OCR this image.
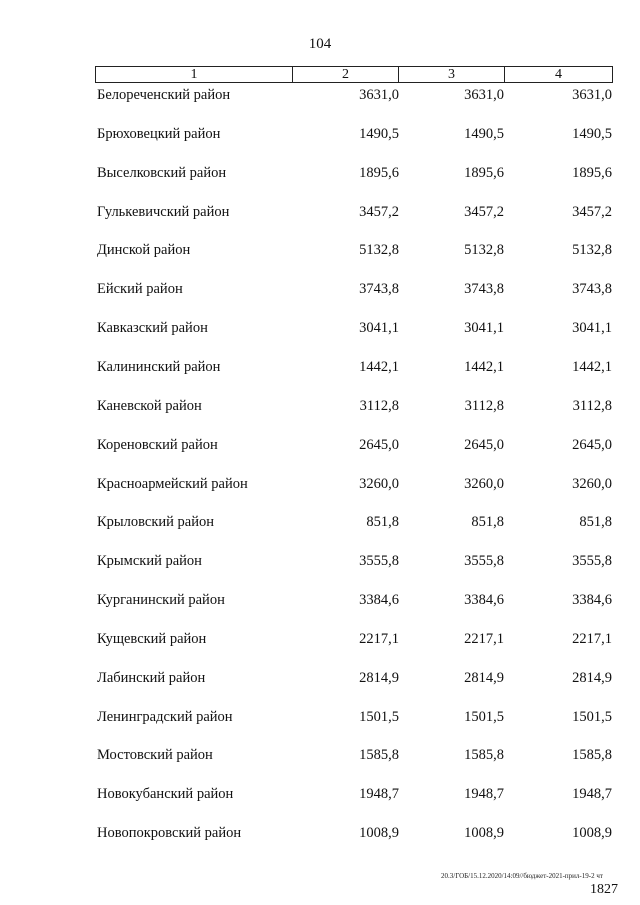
104
1	2	3	4
Белореченский район	3631,0	3631,0	3631,0
Брюховецкий район	1490,5	1490,5	1490,5
Выселковский район	1895,6	1895,6	1895,6
Гулькевичский район	3457,2	3457,2	3457,2
Динской район	5132,8	5132,8	5132,8
Ейский район	3743,8	3743,8	3743,8
Кавказский район	3041,1	3041,1	3041,1
Калининский район	1442,1	1442,1	1442,1
Каневской район	3112,8	3112,8	3112,8
Кореновский район	2645,0	2645,0	2645,0
Красноармейский район	3260,0	3260,0	3260,0
Крыловский район	851,8	851,8	851,8
Крымский район	3555,8	3555,8	3555,8
Курганинский район	3384,6	3384,6	3384,6
Кущевский район	2217,1	2217,1	2217,1
Лабинский район	2814,9	2814,9	2814,9
Ленинградский район	1501,5	1501,5	1501,5
Мостовский район	1585,8	1585,8	1585,8
Новокубанский район	1948,7	1948,7	1948,7
Новопокровский район	1008,9	1008,9	1008,9
20.3/ГОБ/15.12.2020/14:09//бюджет-2021-прил-19-2 чт
1827
